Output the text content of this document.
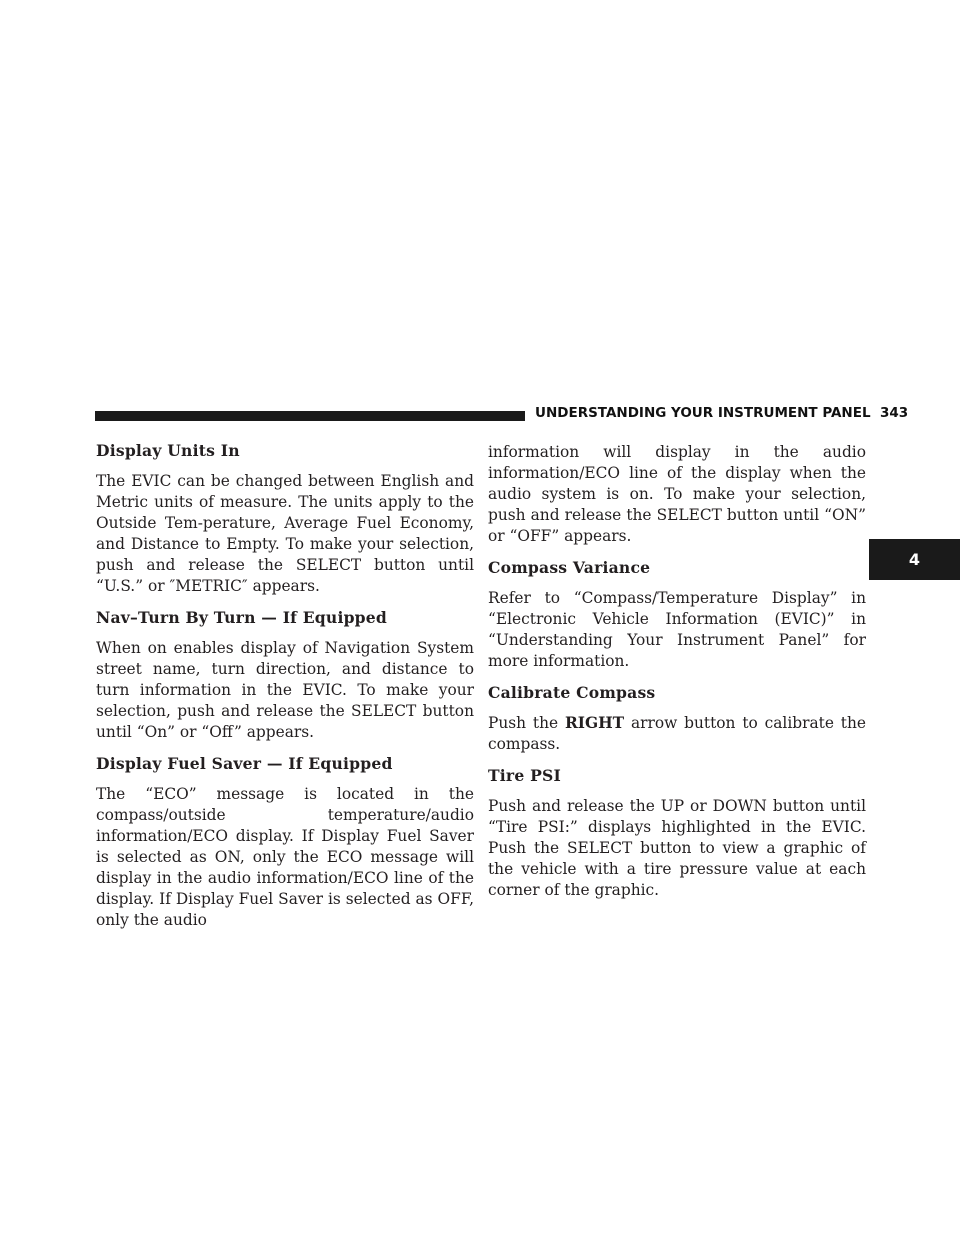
UNDERSTANDING YOUR INSTRUMENT PANEL 343
4
Display Units In

The EVIC can be changed between English and Metric units of measure. The units apply to the Outside Tem-perature, Average Fuel Economy, and Distance to Empty. To make your selection, push and release the SELECT button until “U.S.” or ″METRIC″ appears.

Nav–Turn By Turn — If Equipped

When on enables display of Navigation System street name, turn direction, and distance to turn information in the EVIC. To make your selection, push and release the SELECT button until “On” or “Off” appears.

Display Fuel Saver — If Equipped

The “ECO” message is located in the compass/outside temperature/audio information/ECO display. If Display Fuel Saver is selected as ON, only the ECO message will display in the audio information/ECO line of the display. If Display Fuel Saver is selected as OFF, only the audio

information will display in the audio information/ECO line of the display when the audio system is on. To make your selection, push and release the SELECT button until “ON” or “OFF” appears.

Compass Variance

Refer to “Compass/Temperature Display” in “Electronic Vehicle Information (EVIC)” in “Understanding Your Instrument Panel” for more information.

Calibrate Compass

Push the RIGHT arrow button to calibrate the compass.

Tire PSI

Push and release the UP or DOWN button until “Tire PSI:” displays highlighted in the EVIC. Push the SELECT button to view a graphic of the vehicle with a tire pressure value at each corner of the graphic.
